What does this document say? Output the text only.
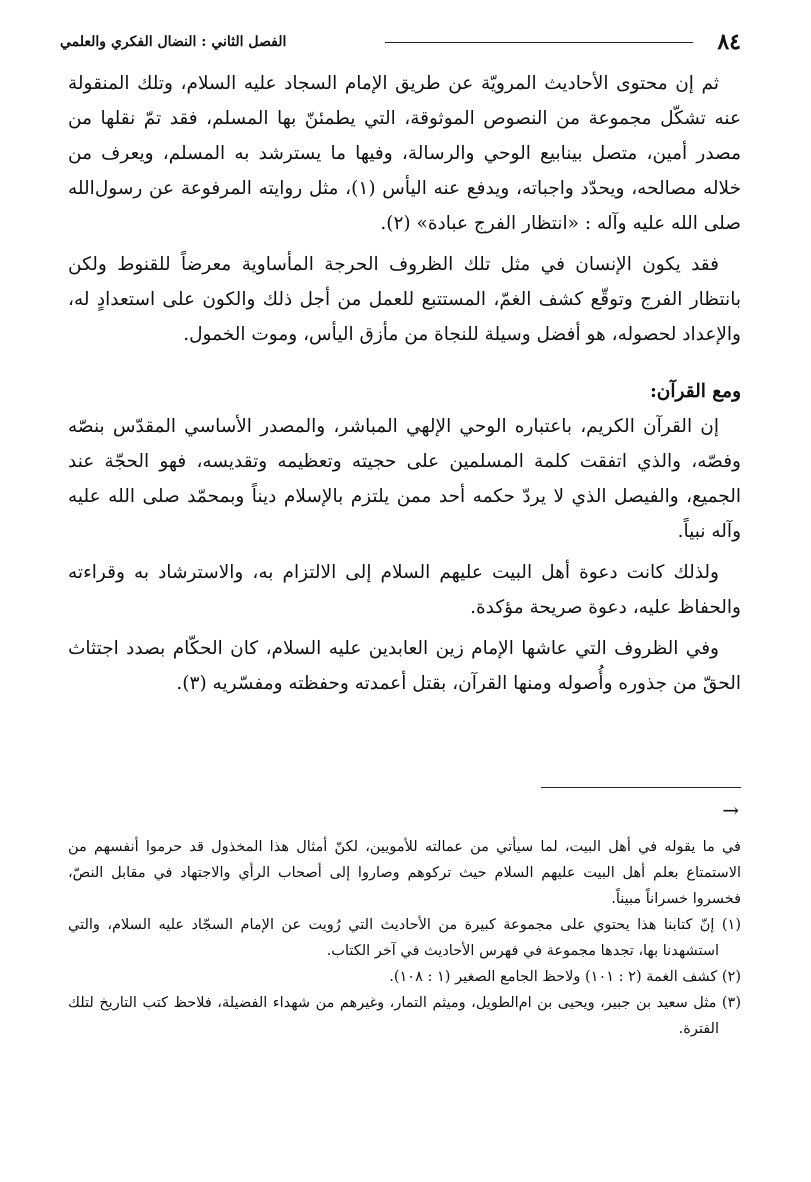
٨٤
الفصل الثاني : النضال الفكري والعلمي

ثم إن محتوى الأحاديث المرويّة عن طريق الإمام السجاد عليه السلام، وتلك المنقولة عنه تشكّل مجموعة من النصوص الموثوقة، التي يطمئنّ بها المسلم، فقد تمّ نقلها من مصدر أمين، متصل بينابيع الوحي والرسالة، وفيها ما يسترشد به المسلم، ويعرف من خلاله مصالحه، ويحدّد واجباته، ويدفع عنه اليأس (١)، مثل روايته المرفوعة عن رسول‌الله صلى الله عليه وآله : «انتظار الفرج عبادة» (٢).

فقد يكون الإنسان في مثل تلك الظروف الحرجة المأساوية معرضاً للقنوط ولكن بانتظار الفرج وتوقّع كشف الغمّ، المستتبع للعمل من أجل ذلك والكون على استعدادٍ له، والإعداد لحصوله، هو أفضل وسيلة للنجاة من مأزق اليأس، وموت الخمول.

ومع القرآن:

إن القرآن الكريم، باعتباره الوحي الإلهي المباشر، والمصدر الأساسي المقدّس بنصّه وفصّه، والذي اتفقت كلمة المسلمين على حجيته وتعظيمه وتقديسه، فهو الحجّة عند الجميع، والفيصل الذي لا يردّ حكمه أحد ممن يلتزم بالإسلام ديناً وبمحمّد صلى الله عليه وآله نبياً.

ولذلك كانت دعوة أهل البيت عليهم السلام إلى الالتزام به، والاسترشاد به وقراءته والحفاظ عليه، دعوة صريحة مؤكدة.

وفي الظروف التي عاشها الإمام زين العابدين عليه السلام، كان الحكّام بصدد اجتثاث الحقّ من جذوره وأُصوله ومنها القرآن، بقتل أعمدته وحفظته ومفسّريه (٣).

→

في ما يقوله في أهل البيت، لما سيأتي من عمالته للأمويين، لكنّ أمثال هذا المخذول قد حرموا أنفسهم من الاستمتاع بعلم أهل البيت عليهم السلام حيث تركوهم وصاروا إلى أصحاب الرأي والاجتهاد في مقابل النصّ، فخسروا خسراناً مبيناً.

(١) إنّ كتابنا هذا يحتوي على مجموعة كبيرة من الأحاديث التي رُويت عن الإمام السجّاد عليه السلام، والتي استشهدنا بها، تجدها مجموعة في فهرس الأحاديث في آخر الكتاب.

(٢) كشف الغمة (٢ : ١٠١) ولاحظ الجامع الصغير (١ : ١٠٨).

(٣) مثل سعيد بن جبير، ويحيى بن ام‌الطويل، وميثم التمار، وغيرهم من شهداء الفضيلة، فلاحظ كتب التاريخ لتلك الفترة.
